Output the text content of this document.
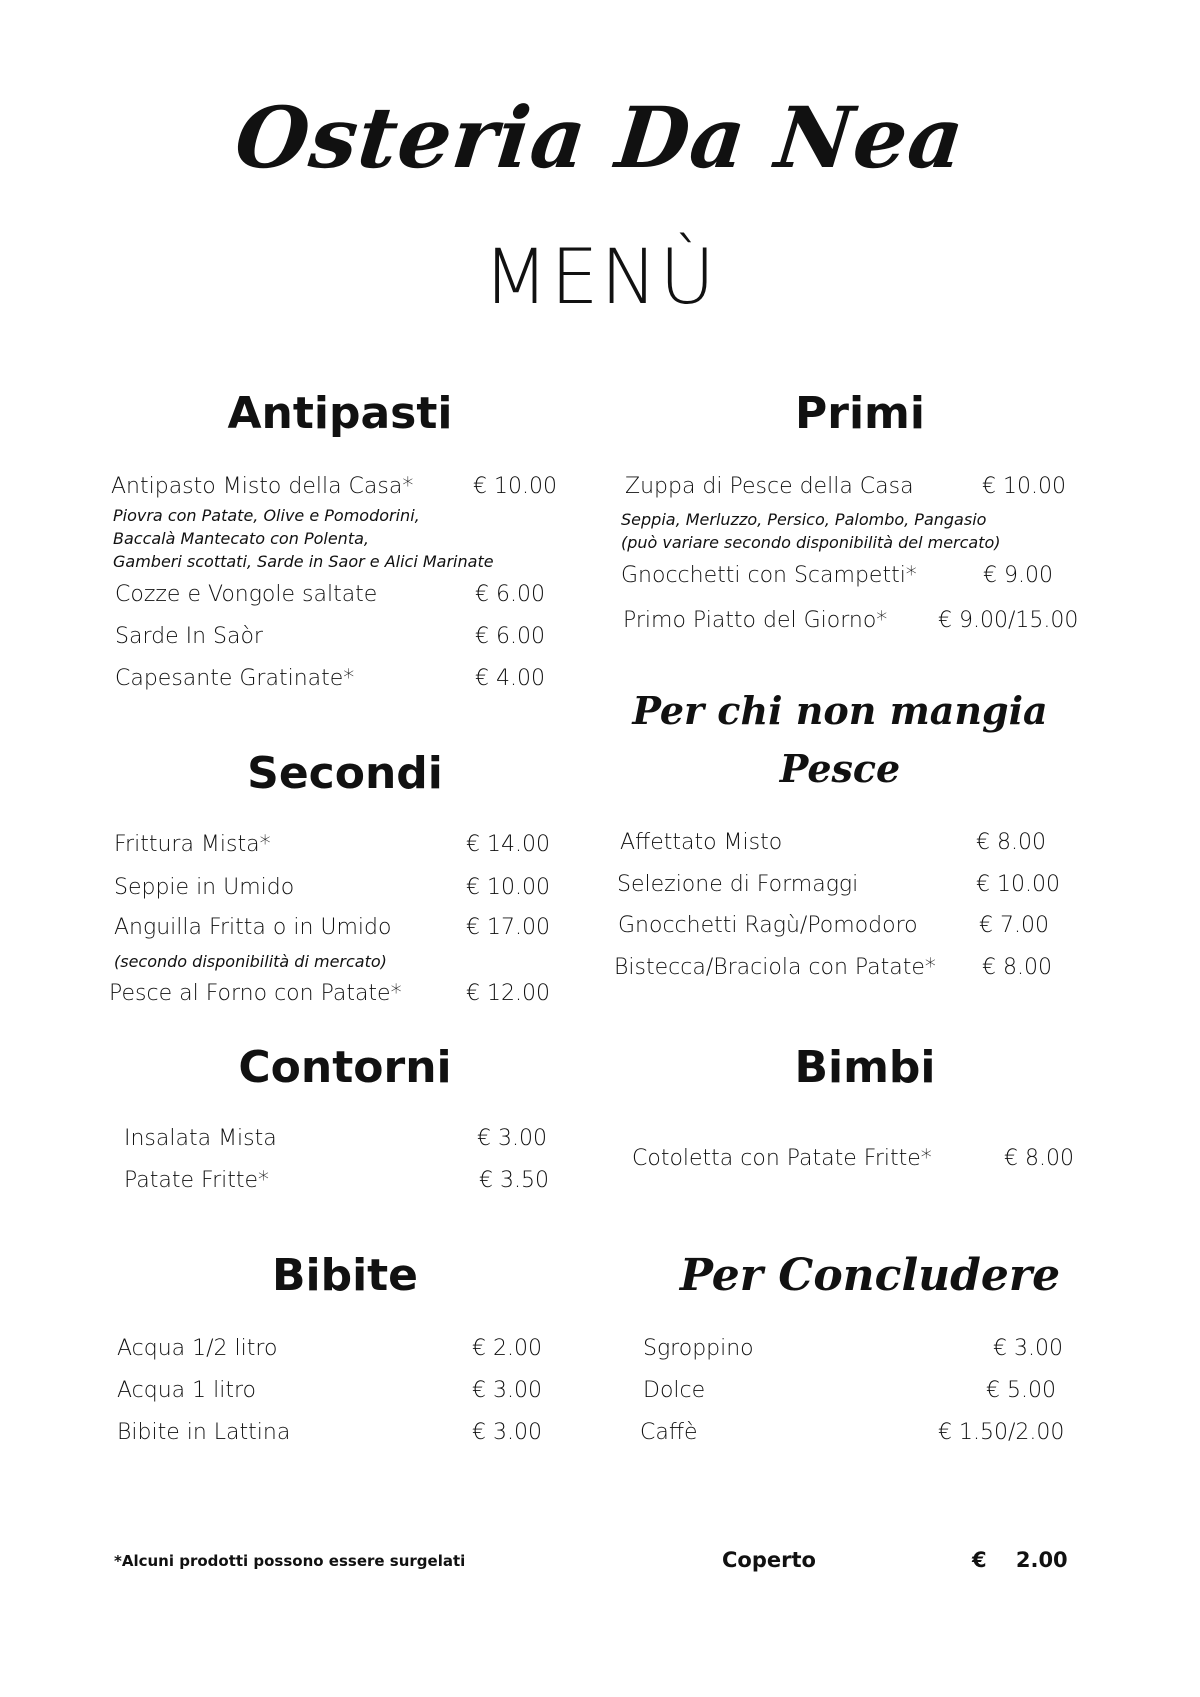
Osteria Da Nea
MENÙ
Antipasti
Antipasto Misto della Casa*	€ 10.00
Piovra con Patate, Olive e Pomodorini,
Baccalà Mantecato con Polenta,
Gamberi scottati, Sarde in Saor e Alici Marinate
Cozze e Vongole saltate	€ 6.00
Sarde In Saòr	€ 6.00
Capesante Gratinate*	€ 4.00
Primi
Zuppa di Pesce della Casa	€ 10.00
Seppia, Merluzzo, Persico, Palombo, Pangasio
(può variare secondo disponibilità del mercato)
Gnocchetti con Scampetti*	€ 9.00
Primo Piatto del Giorno* € 9.00/15.00
Per chi non mangia
Pesce
Affettato Misto	€ 8.00
Selezione di Formaggi	€ 10.00
Gnocchetti Ragù/Pomodoro	€ 7.00
Bistecca/Braciola con Patate* € 8.00
Secondi
Frittura Mista*	€ 14.00
Seppie in Umido	€ 10.00
Anguilla Fritta o in Umido	€ 17.00
(secondo disponibilità di mercato)
Pesce al Forno con Patate*	€ 12.00
Contorni
Insalata Mista	€ 3.00
Patate Fritte*	€ 3.50
Bimbi
Cotoletta con Patate Fritte*	€ 8.00
Bibite
Acqua 1/2 litro	€ 2.00
Acqua 1 litro	€ 3.00
Bibite in Lattina	€ 3.00
Per Concludere
Sgroppino	€ 3.00
Dolce	€ 5.00
Caffè	€ 1.50/2.00
*Alcuni prodotti possono essere surgelati	Coperto	€    2.00
